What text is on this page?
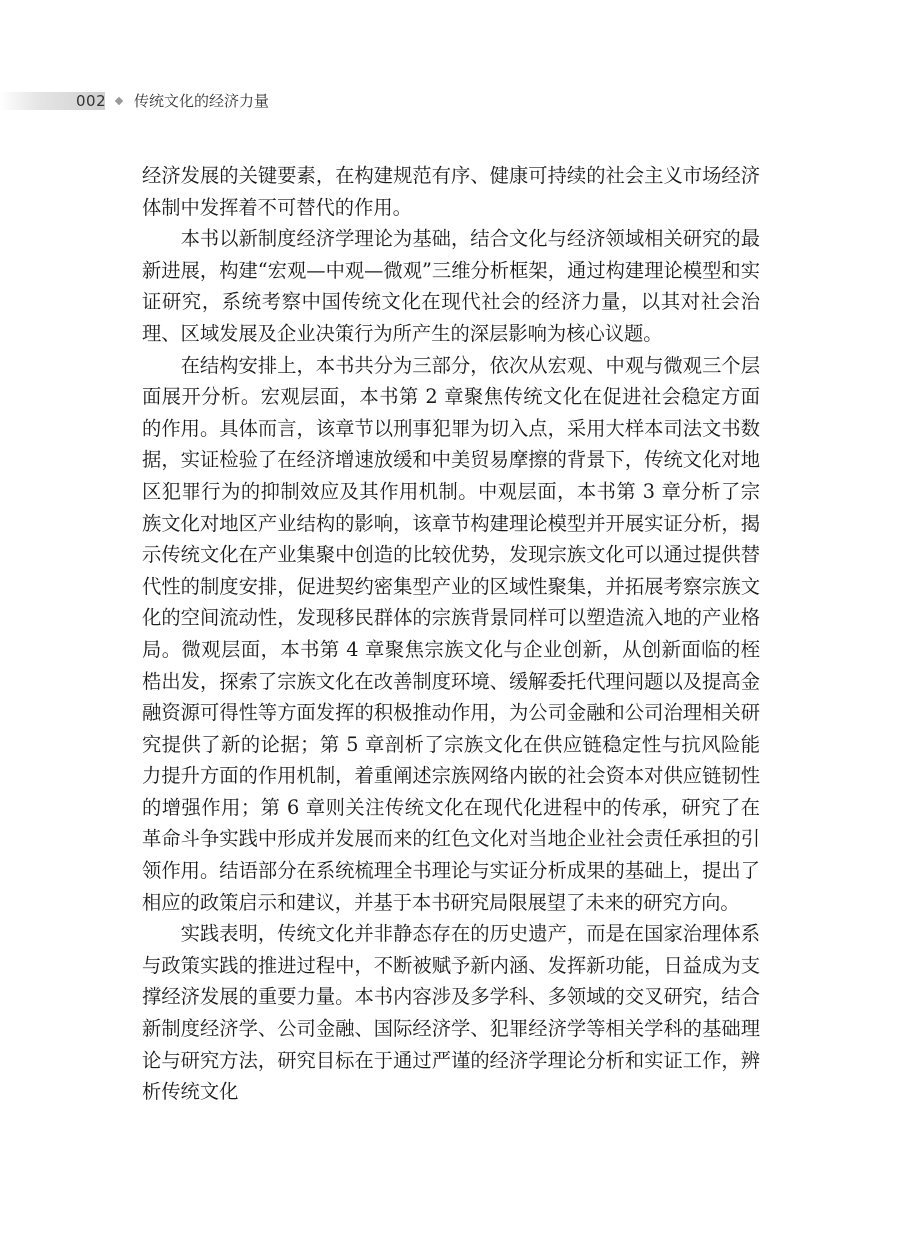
002 传统文化的经济力量

经济发展的关键要素，在构建规范有序、健康可持续的社会主义市场经济体制中发挥着不可替代的作用。

本书以新制度经济学理论为基础，结合文化与经济领域相关研究的最新进展，构建“宏观—中观—微观”三维分析框架，通过构建理论模型和实证研究，系统考察中国传统文化在现代社会的经济力量，以其对社会治理、区域发展及企业决策行为所产生的深层影响为核心议题。

在结构安排上，本书共分为三部分，依次从宏观、中观与微观三个层面展开分析。宏观层面，本书第 2 章聚焦传统文化在促进社会稳定方面的作用。具体而言，该章节以刑事犯罪为切入点，采用大样本司法文书数据，实证检验了在经济增速放缓和中美贸易摩擦的背景下，传统文化对地区犯罪行为的抑制效应及其作用机制。中观层面，本书第 3 章分析了宗族文化对地区产业结构的影响，该章节构建理论模型并开展实证分析，揭示传统文化在产业集聚中创造的比较优势，发现宗族文化可以通过提供替代性的制度安排，促进契约密集型产业的区域性聚集，并拓展考察宗族文化的空间流动性，发现移民群体的宗族背景同样可以塑造流入地的产业格局。微观层面，本书第 4 章聚焦宗族文化与企业创新，从创新面临的桎梏出发，探索了宗族文化在改善制度环境、缓解委托代理问题以及提高金融资源可得性等方面发挥的积极推动作用，为公司金融和公司治理相关研究提供了新的论据；第 5 章剖析了宗族文化在供应链稳定性与抗风险能力提升方面的作用机制，着重阐述宗族网络内嵌的社会资本对供应链韧性的增强作用；第 6 章则关注传统文化在现代化进程中的传承，研究了在革命斗争实践中形成并发展而来的红色文化对当地企业社会责任承担的引领作用。结语部分在系统梳理全书理论与实证分析成果的基础上，提出了相应的政策启示和建议，并基于本书研究局限展望了未来的研究方向。

实践表明，传统文化并非静态存在的历史遗产，而是在国家治理体系与政策实践的推进过程中，不断被赋予新内涵、发挥新功能，日益成为支撑经济发展的重要力量。本书内容涉及多学科、多领域的交叉研究，结合新制度经济学、公司金融、国际经济学、犯罪经济学等相关学科的基础理论与研究方法，研究目标在于通过严谨的经济学理论分析和实证工作，辨析传统文化
